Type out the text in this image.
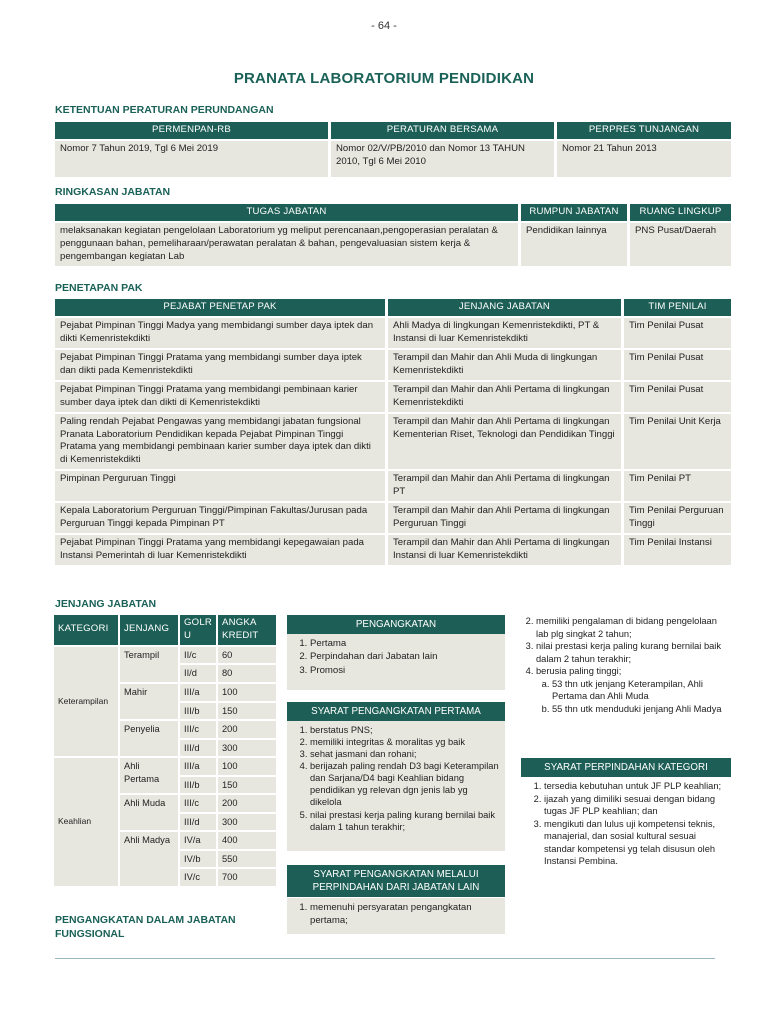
- 64 -
PRANATA LABORATORIUM PENDIDIKAN
KETENTUAN PERATURAN PERUNDANGAN
PERMENPAN-RB	PERATURAN BERSAMA	PERPRES TUNJANGAN
Nomor 7 Tahun 2019, Tgl 6 Mei 2019	Nomor 02/V/PB/2010 dan Nomor 13 TAHUN 2010, Tgl 6 Mei 2010	Nomor 21 Tahun 2013
RINGKASAN JABATAN
TUGAS JABATAN	RUMPUN JABATAN	RUANG LINGKUP
melaksanakan kegiatan pengelolaan Laboratorium yg meliput perencanaan,pengoperasian peralatan & penggunaan bahan, pemeliharaan/perawatan peralatan & bahan, pengevaluasian sistem kerja & pengembangan kegiatan Lab	Pendidikan lainnya	PNS Pusat/Daerah
PENETAPAN PAK
PEJABAT PENETAP PAK	JENJANG JABATAN	TIM PENILAI
Pejabat Pimpinan Tinggi Madya yang membidangi sumber daya iptek dan dikti Kemenristekdikti	Ahli Madya di lingkungan Kemenristekdikti, PT & Instansi di luar Kemenristekdikti	Tim Penilai Pusat
Pejabat Pimpinan Tinggi Pratama yang membidangi sumber daya iptek dan dikti pada Kemenristekdikti	Terampil dan Mahir dan Ahli Muda di lingkungan Kemenristekdikti	Tim Penilai Pusat
Pejabat Pimpinan Tinggi Pratama yang membidangi pembinaan karier sumber daya iptek dan dikti di Kemenristekdikti	Terampil dan Mahir dan Ahli Pertama di lingkungan Kemenristekdikti	Tim Penilai Pusat
Paling rendah Pejabat Pengawas yang membidangi jabatan fungsional Pranata Laboratorium Pendidikan kepada Pejabat Pimpinan Tinggi Pratama yang membidangi pembinaan karier sumber daya iptek dan dikti di Kemenristekdikti	Terampil dan Mahir dan Ahli Pertama di lingkungan Kementerian Riset, Teknologi dan Pendidikan Tinggi	Tim Penilai Unit Kerja
Pimpinan Perguruan Tinggi	Terampil dan Mahir dan Ahli Pertama di lingkungan PT	Tim Penilai PT
Kepala Laboratorium Perguruan Tinggi/Pimpinan Fakultas/Jurusan pada Perguruan Tinggi kepada Pimpinan PT	Terampil dan Mahir dan Ahli Pertama di lingkungan Perguruan Tinggi	Tim Penilai Perguruan Tinggi
Pejabat Pimpinan Tinggi Pratama yang membidangi kepegawaian pada Instansi Pemerintah di luar Kemenristekdikti	Terampil dan Mahir dan Ahli Pertama di lingkungan Instansi di luar Kemenristekdikti	Tim Penilai Instansi
JENJANG JABATAN
KATEGORI	JENJANG	GOLR U	ANGKA KREDIT
Keterampilan	Terampil	II/c	60
		II/d	80
	Mahir	III/a	100
		III/b	150
	Penyelia	III/c	200
		III/d	300
Keahlian	Ahli Pertama	III/a	100
		III/b	150
	Ahli Muda	III/c	200
		III/d	300
	Ahli Madya	IV/a	400
		IV/b	550
		IV/c	700
PENGANGKATAN DALAM JABATAN FUNGSIONAL
PENGANGKATAN
1. Pertama
2. Perpindahan dari Jabatan lain
3. Promosi
SYARAT PENGANGKATAN PERTAMA
1. berstatus PNS;
2. memiliki integritas & moralitas yg baik
3. sehat jasmani dan rohani;
4. berijazah paling rendah D3 bagi Keterampilan dan Sarjana/D4 bagi Keahlian bidang pendidikan yg relevan dgn jenis lab yg dikelola
5. nilai prestasi kerja paling kurang bernilai baik dalam 1 tahun terakhir;
SYARAT PENGANGKATAN MELALUI PERPINDAHAN DARI JABATAN LAIN
1. memenuhi persyaratan pengangkatan pertama;
2. memiliki pengalaman di bidang pengelolaan lab plg singkat 2 tahun;
3. nilai prestasi kerja paling kurang bernilai baik dalam 2 tahun terakhir;
4. berusia paling tinggi;
a. 53 thn utk jenjang Keterampilan, Ahli Pertama dan Ahli Muda
b. 55 thn utk menduduki jenjang Ahli Madya
SYARAT PERPINDAHAN KATEGORI
1. tersedia kebutuhan untuk JF PLP keahlian;
2. ijazah yang dimiliki sesuai dengan bidang tugas JF PLP keahlian; dan
3. mengikuti dan lulus uji kompetensi teknis, manajerial, dan sosial kultural sesuai standar kompetensi yg telah disusun oleh Instansi Pembina.
